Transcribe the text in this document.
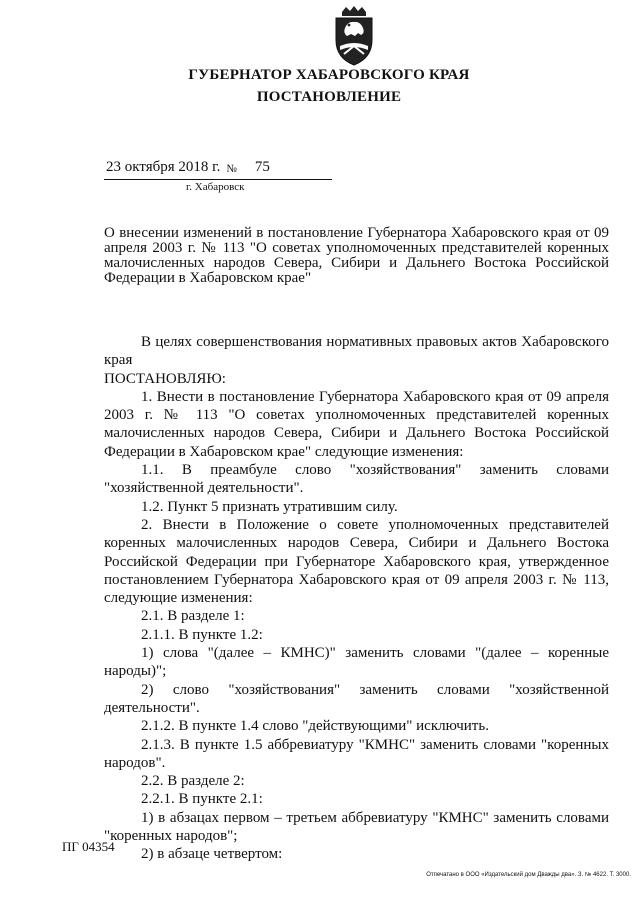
ГУБЕРНАТОР ХАБАРОВСКОГО КРАЯ
ПОСТАНОВЛЕНИЕ
23 октября 2018 г. № 75
г. Хабаровск
О внесении изменений в постановление Губернатора Хабаровского края от 09 апреля 2003 г. № 113 "О советах уполномоченных представителей коренных малочисленных народов Севера, Сибири и Дальнего Востока Российской Федерации в Хабаровском крае"

В целях совершенствования нормативных правовых актов Хабаровского края

ПОСТАНОВЛЯЮ:

1. Внести в постановление Губернатора Хабаровского края от 09 апреля 2003 г. № 113 "О советах уполномоченных представителей коренных малочисленных народов Севера, Сибири и Дальнего Востока Российской Федерации в Хабаровском крае" следующие изменения:

1.1. В преамбуле слово "хозяйствования" заменить словами "хозяйственной деятельности".

1.2. Пункт 5 признать утратившим силу.

2. Внести в Положение о совете уполномоченных представителей коренных малочисленных народов Севера, Сибири и Дальнего Востока Российской Федерации при Губернаторе Хабаровского края, утвержденное постановлением Губернатора Хабаровского края от 09 апреля 2003 г. № 113, следующие изменения:

2.1. В разделе 1:

2.1.1. В пункте 1.2:

1) слова "(далее – КМНС)" заменить словами "(далее – коренные народы)";

2) слово "хозяйствования" заменить словами "хозяйственной деятельности".

2.1.2. В пункте 1.4 слово "действующими" исключить.

2.1.3. В пункте 1.5 аббревиатуру "КМНС" заменить словами "коренных народов".

2.2. В разделе 2:

2.2.1. В пункте 2.1:

1) в абзацах первом – третьем аббревиатуру "КМНС" заменить словами "коренных народов";

2) в абзаце четвертом:

ПГ 04354
Отпечатано в ООО «Издательский дом Дважды два». З. № 4622. Т. 3000.
